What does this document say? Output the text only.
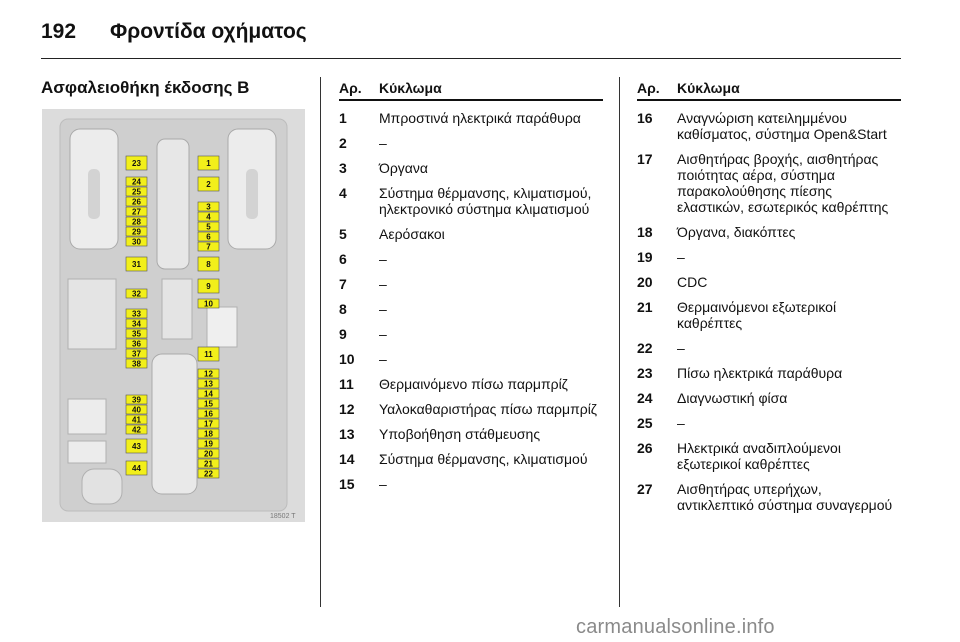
192 Φροντίδα οχήματος
Ασφαλειοθήκη έκδοσης B
23
24
25
26
27
28
29
30
31
32
33
34
35
36
37
38
39
40
41
42
43
44
1
2
3
4
5
6
7
8
9
10
11
12
13
14
15
16
17
18
19
20
21
22
18502 T
Αρ.	Κύκλωμα
1	Μπροστινά ηλεκτρικά παράθυρα
2	–
3	Όργανα
4	Σύστημα θέρμανσης, κλιματισμού, ηλεκτρονικό σύστημα κλιματισμού
5	Αερόσακοι
6	–
7	–
8	–
9	–
10	–
11	Θερμαινόμενο πίσω παρμπρίζ
12	Υαλοκαθαριστήρας πίσω παρμπρίζ
13	Υποβοήθηση στάθμευσης
14	Σύστημα θέρμανσης, κλιματισμού
15	–
Αρ.	Κύκλωμα
16	Αναγνώριση κατειλημμένου καθίσματος, σύστημα Open&Start
17	Αισθητήρας βροχής, αισθητήρας ποιότητας αέρα, σύστημα παρακολούθησης πίεσης ελαστικών, εσωτερικός καθρέπτης
18	Όργανα, διακόπτες
19	–
20	CDC
21	Θερμαινόμενοι εξωτερικοί καθρέπτες
22	–
23	Πίσω ηλεκτρικά παράθυρα
24	Διαγνωστική φίσα
25	–
26	Ηλεκτρικά αναδιπλούμενοι εξωτερικοί καθρέπτες
27	Αισθητήρας υπερήχων, αντικλεπτικό σύστημα συναγερμού
carmanualsonline.info
